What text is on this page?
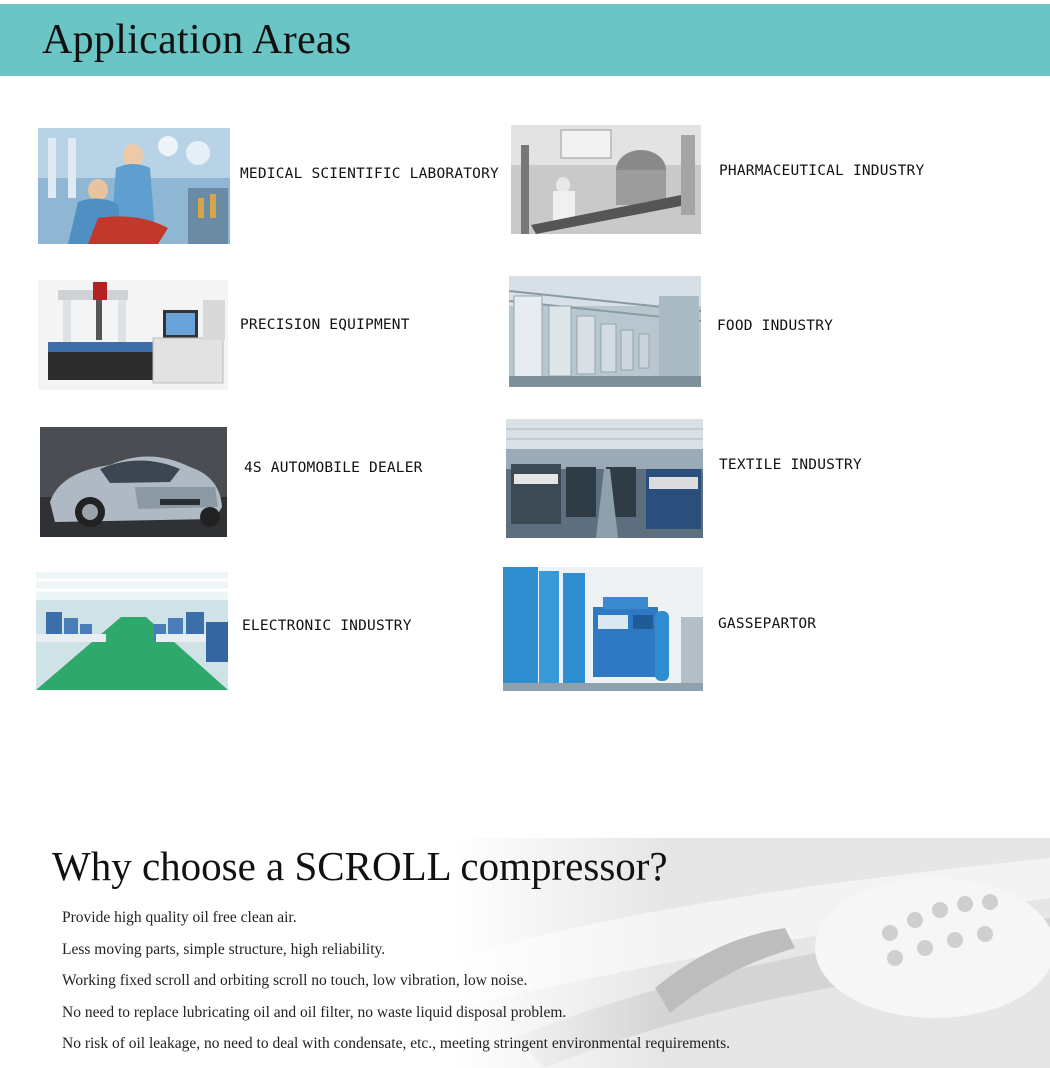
Application Areas
MEDICAL SCIENTIFIC LABORATORY	PHARMACEUTICAL INDUSTRY
PRECISION EQUIPMENT	FOOD INDUSTRY
4S AUTOMOBILE DEALER	TEXTILE INDUSTRY
ELECTRONIC INDUSTRY	GASSEPARTOR
Why choose a SCROLL compressor?
Provide high quality oil free clean air.
Less moving parts, simple structure, high reliability.
Working fixed scroll and orbiting scroll no touch, low vibration, low noise.
No need to replace lubricating oil and oil filter, no waste liquid disposal problem.
No risk of oil leakage, no need to deal with condensate, etc., meeting stringent environmental requirements.
